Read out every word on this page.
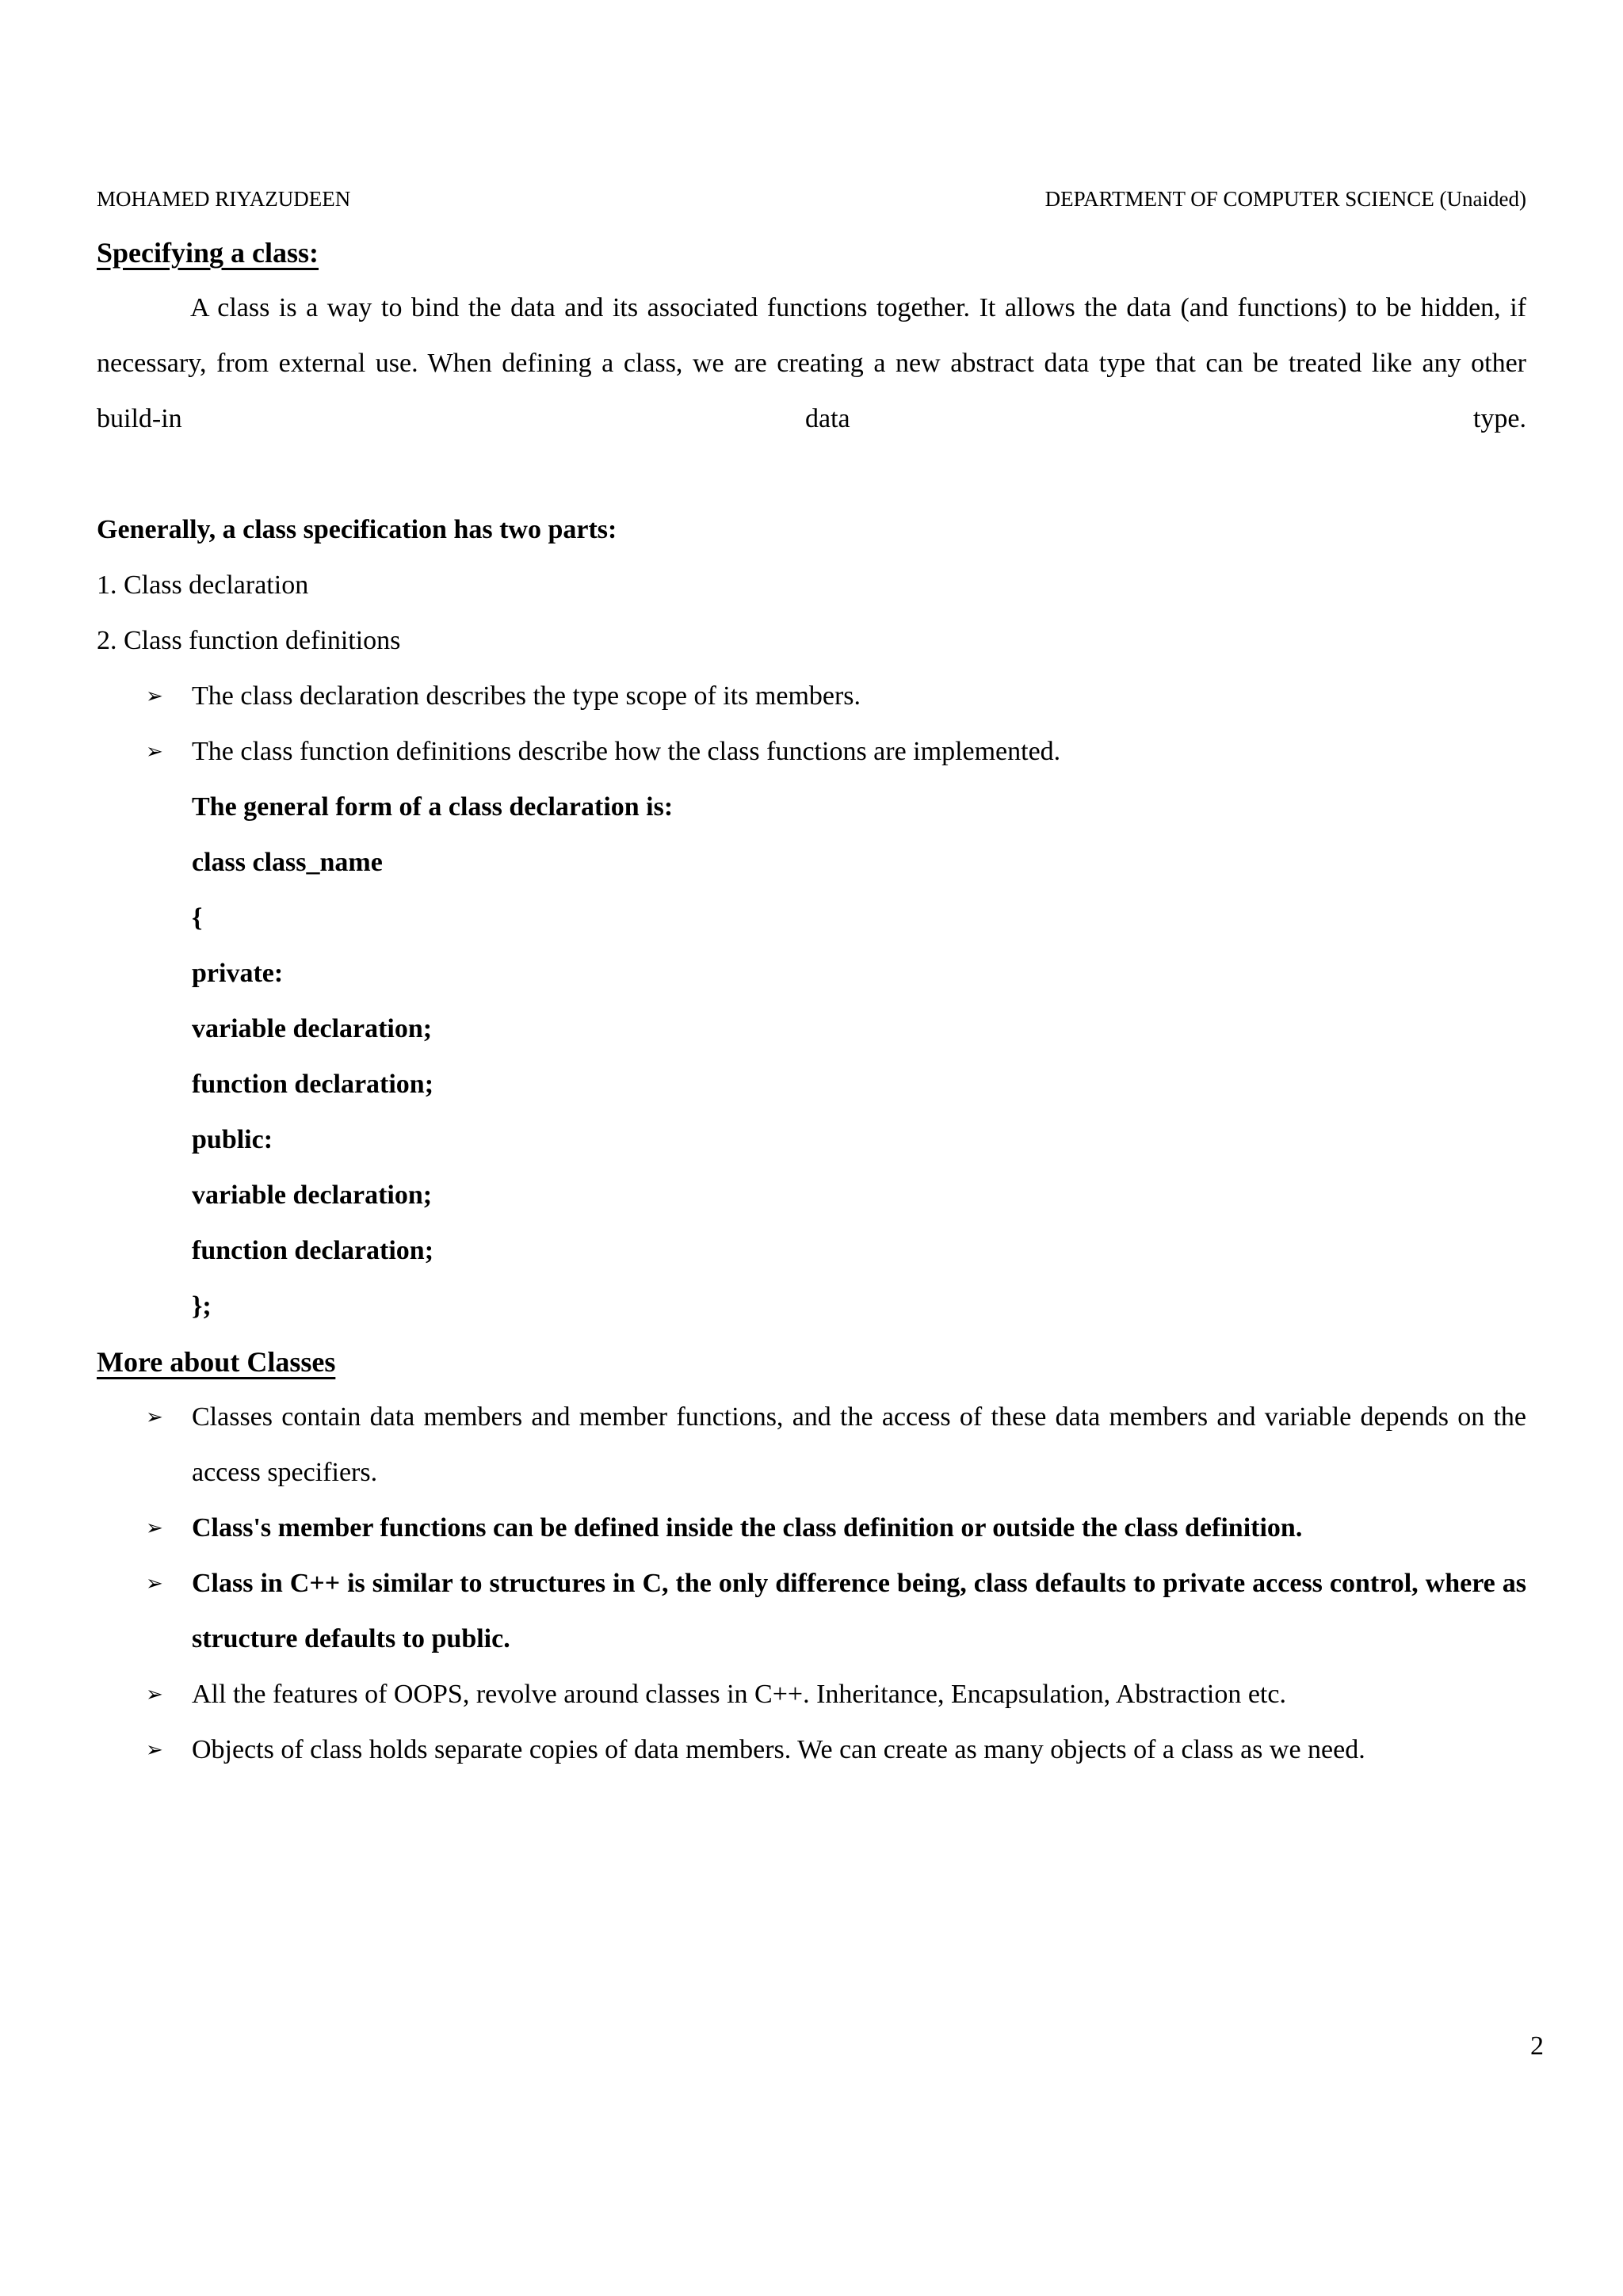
MOHAMED RIYAZUDEEN	DEPARTMENT OF COMPUTER SCIENCE (Unaided)
Specifying a class:

A class is a way to bind the data and its associated functions together. It allows the data (and functions) to be hidden, if necessary, from external use. When defining a class, we are creating a new abstract data type that can be treated like any other build-in data type.

Generally, a class specification has two parts:

1. Class declaration

2. Class function definitions

➢ The class declaration describes the type scope of its members.
➢ The class function definitions describe how the class functions are implemented.

The general form of a class declaration is:

class class_name

{

private:

variable declaration;

function declaration;

public:

variable declaration;

function declaration;

};

More about Classes
➢ Classes contain data members and member functions, and the access of these data members and variable depends on the access specifiers.
➢ Class's member functions can be defined inside the class definition or outside the class definition.
➢ Class in C++ is similar to structures in C, the only difference being, class defaults to private access control, where as structure defaults to public.
➢ All the features of OOPS, revolve around classes in C++. Inheritance, Encapsulation, Abstraction etc.
➢ Objects of class holds separate copies of data members. We can create as many objects of a class as we need.
2
